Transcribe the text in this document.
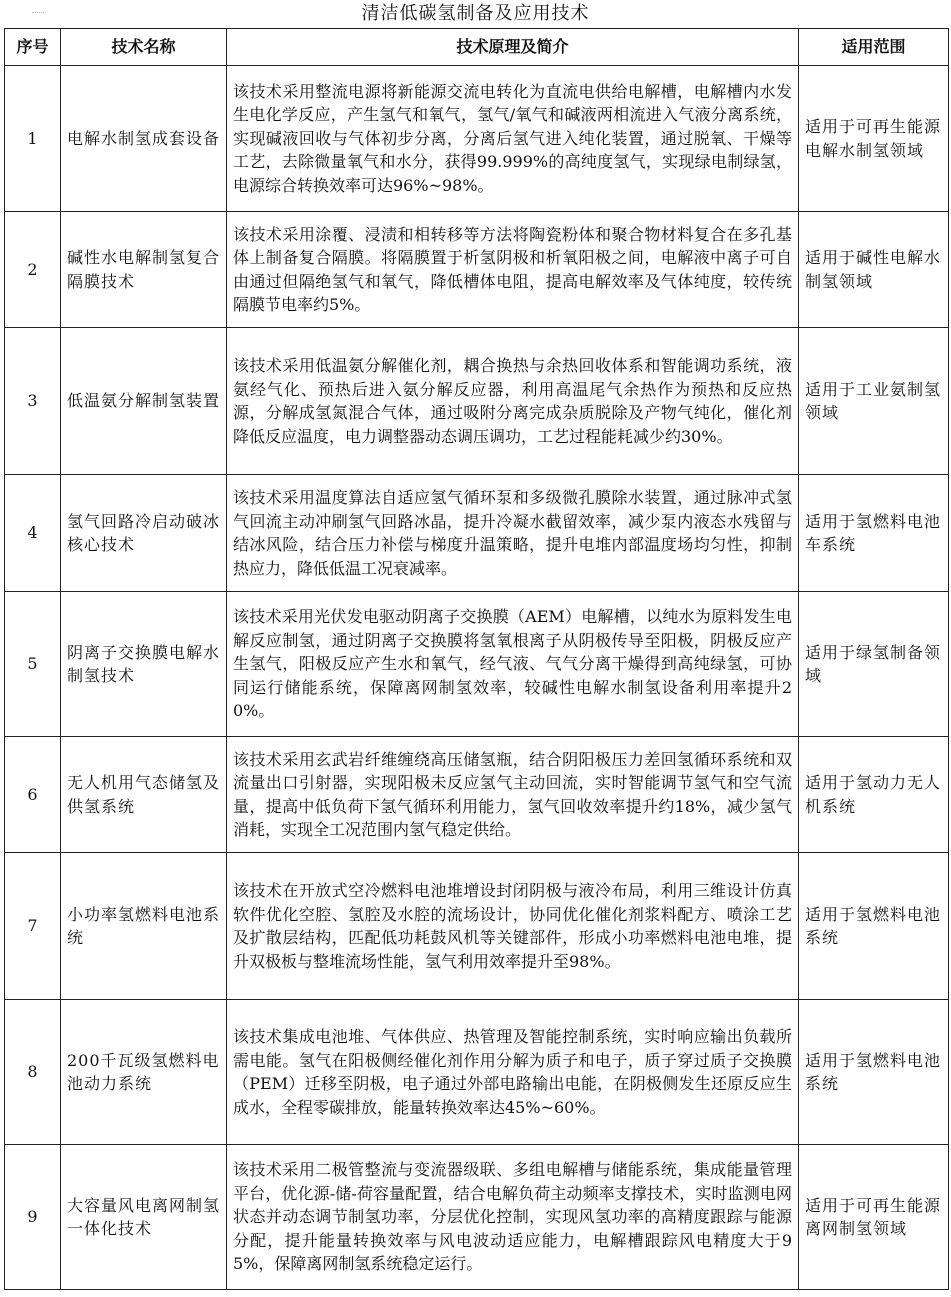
清洁低碳氢制备及应用技术
序号	技术名称	技术原理及简介	适用范围
1	电解水制氢成套设备	该技术采用整流电源将新能源交流电转化为直流电供给电解槽，电解槽内水发生电化学反应，产生氢气和氧气，氢气/氧气和碱液两相流进入气液分离系统，实现碱液回收与气体初步分离，分离后氢气进入纯化装置，通过脱氧、干燥等工艺，去除微量氧气和水分，获得99.999%的高纯度氢气，实现绿电制绿氢，电源综合转换效率可达96%~98%。	适用于可再生能源电解水制氢领域
2	碱性水电解制氢复合隔膜技术	该技术采用涂覆、浸渍和相转移等方法将陶瓷粉体和聚合物材料复合在多孔基体上制备复合隔膜。将隔膜置于析氢阴极和析氧阳极之间，电解液中离子可自由通过但隔绝氢气和氧气，降低槽体电阻，提高电解效率及气体纯度，较传统隔膜节电率约5%。	适用于碱性电解水制氢领域
3	低温氨分解制氢装置	该技术采用低温氨分解催化剂，耦合换热与余热回收体系和智能调功系统，液氨经气化、预热后进入氨分解反应器，利用高温尾气余热作为预热和反应热源，分解成氢氮混合气体，通过吸附分离完成杂质脱除及产物气纯化，催化剂降低反应温度，电力调整器动态调压调功，工艺过程能耗减少约30%。	适用于工业氨制氢领域
4	氢气回路冷启动破冰核心技术	该技术采用温度算法自适应氢气循环泵和多级微孔膜除水装置，通过脉冲式氢气回流主动冲刷氢气回路冰晶，提升冷凝水截留效率，减少泵内液态水残留与结冰风险，结合压力补偿与梯度升温策略，提升电堆内部温度场均匀性，抑制热应力，降低低温工况衰减率。	适用于氢燃料电池车系统
5	阴离子交换膜电解水制氢技术	该技术采用光伏发电驱动阴离子交换膜（AEM）电解槽，以纯水为原料发生电解反应制氢，通过阴离子交换膜将氢氧根离子从阴极传导至阳极，阴极反应产生氢气，阳极反应产生水和氧气，经气液、气气分离干燥得到高纯绿氢，可协同运行储能系统，保障离网制氢效率，较碱性电解水制氢设备利用率提升20%。	适用于绿氢制备领域
6	无人机用气态储氢及供氢系统	该技术采用玄武岩纤维缠绕高压储氢瓶，结合阴阳极压力差回氢循环系统和双流量出口引射器，实现阳极未反应氢气主动回流，实时智能调节氢气和空气流量，提高中低负荷下氢气循环利用能力，氢气回收效率提升约18%，减少氢气消耗，实现全工况范围内氢气稳定供给。	适用于氢动力无人机系统
7	小功率氢燃料电池系统	该技术在开放式空冷燃料电池堆增设封闭阴极与液冷布局，利用三维设计仿真软件优化空腔、氢腔及水腔的流场设计，协同优化催化剂浆料配方、喷涂工艺及扩散层结构，匹配低功耗鼓风机等关键部件，形成小功率燃料电池电堆，提升双极板与整堆流场性能，氢气利用效率提升至98%。	适用于氢燃料电池系统
8	200千瓦级氢燃料电池动力系统	该技术集成电池堆、气体供应、热管理及智能控制系统，实时响应输出负载所需电能。氢气在阳极侧经催化剂作用分解为质子和电子，质子穿过质子交换膜（PEM）迁移至阴极，电子通过外部电路输出电能，在阴极侧发生还原反应生成水，全程零碳排放，能量转换效率达45%~60%。	适用于氢燃料电池系统
9	大容量风电离网制氢一体化技术	该技术采用二极管整流与变流器级联、多组电解槽与储能系统，集成能量管理平台，优化源-储-荷容量配置，结合电解负荷主动频率支撑技术，实时监测电网状态并动态调节制氢功率，分层优化控制，实现风氢功率的高精度跟踪与能源分配，提升能量转换效率与风电波动适应能力，电解槽跟踪风电精度大于95%，保障离网制氢系统稳定运行。	适用于可再生能源离网制氢领域
